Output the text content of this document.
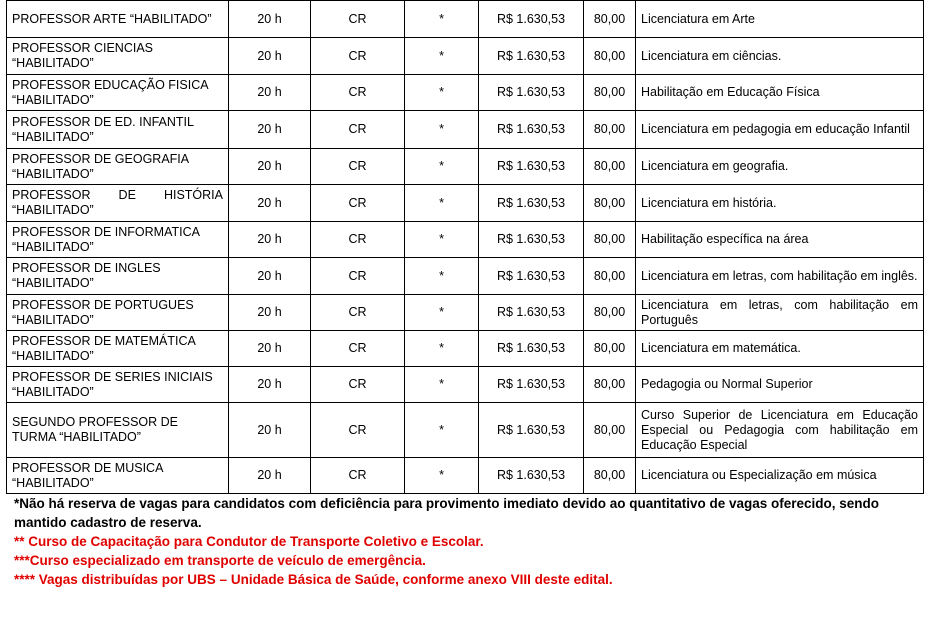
PROFESSOR ARTE “HABILITADO”	20 h	CR	*	R$ 1.630,53	80,00	Licenciatura em Arte
PROFESSOR CIENCIAS “HABILITADO”	20 h	CR	*	R$ 1.630,53	80,00	Licenciatura em ciências.
PROFESSOR EDUCAÇÃO FISICA “HABILITADO”	20 h	CR	*	R$ 1.630,53	80,00	Habilitação em Educação Física
PROFESSOR DE ED. INFANTIL “HABILITADO”	20 h	CR	*	R$ 1.630,53	80,00	Licenciatura em pedagogia em educação Infantil
PROFESSOR DE GEOGRAFIA “HABILITADO”	20 h	CR	*	R$ 1.630,53	80,00	Licenciatura em geografia.
PROFESSOR DE HISTÓRIA “HABILITADO”	20 h	CR	*	R$ 1.630,53	80,00	Licenciatura em história.
PROFESSOR DE INFORMATICA “HABILITADO”	20 h	CR	*	R$ 1.630,53	80,00	Habilitação específica na área
PROFESSOR DE INGLES “HABILITADO”	20 h	CR	*	R$ 1.630,53	80,00	Licenciatura em letras, com habilitação em inglês.
PROFESSOR DE PORTUGUES “HABILITADO”	20 h	CR	*	R$ 1.630,53	80,00	Licenciatura em letras, com habilitação em Português
PROFESSOR DE MATEMÁTICA “HABILITADO”	20 h	CR	*	R$ 1.630,53	80,00	Licenciatura em matemática.
PROFESSOR DE SERIES INICIAIS “HABILITADO”	20 h	CR	*	R$ 1.630,53	80,00	Pedagogia ou Normal Superior
SEGUNDO PROFESSOR DE TURMA “HABILITADO”	20 h	CR	*	R$ 1.630,53	80,00	Curso Superior de Licenciatura em Educação Especial ou Pedagogia com habilitação em Educação Especial
PROFESSOR DE MUSICA “HABILITADO”	20 h	CR	*	R$ 1.630,53	80,00	Licenciatura ou Especialização em música

*Não há reserva de vagas para candidatos com deficiência para provimento imediato devido ao quantitativo de vagas oferecido, sendo mantido cadastro de reserva.

** Curso de Capacitação para Condutor de Transporte Coletivo e Escolar.

***Curso especializado em transporte de veículo de emergência.

**** Vagas distribuídas por UBS – Unidade Básica de Saúde, conforme anexo VIII deste edital.
